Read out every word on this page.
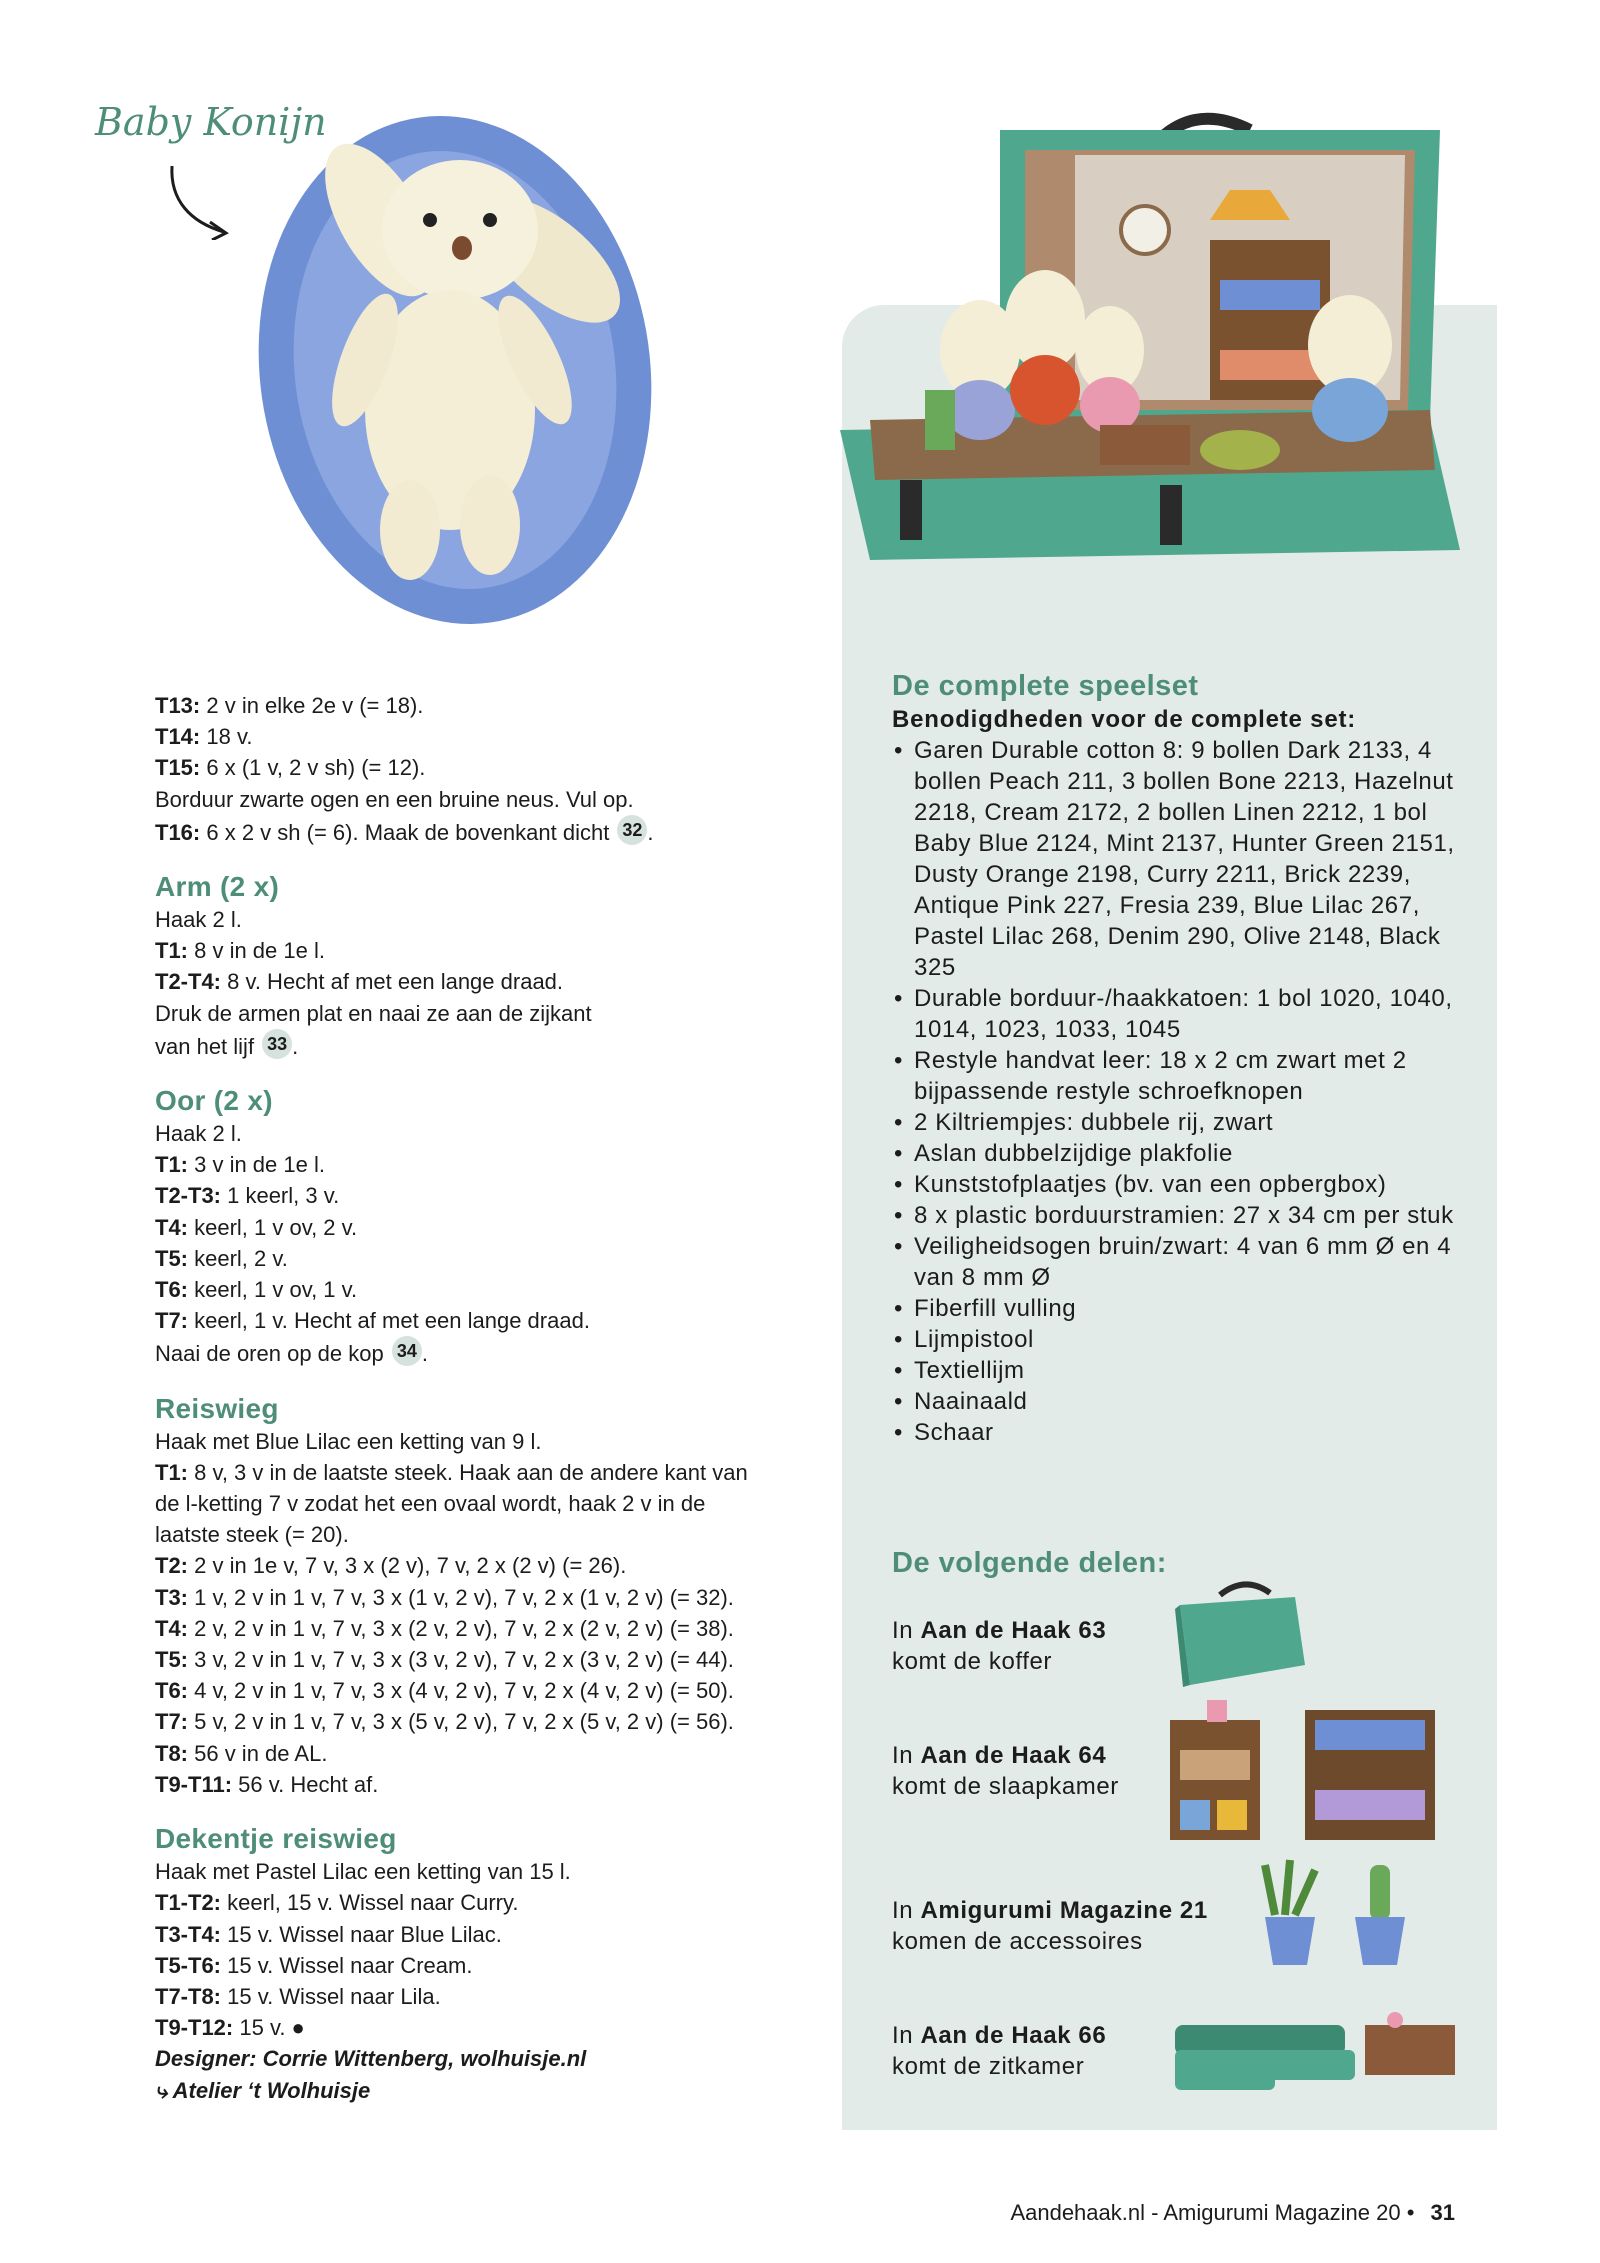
Baby Konijn

T13: 2 v in elke 2e v (= 18).

T14: 18 v.

T15: 6 x (1 v, 2 v sh) (= 12).

Borduur zwarte ogen en een bruine neus. Vul op.

T16: 6 x 2 v sh (= 6). Maak de bovenkant dicht 32 .

Arm (2 x)

Haak 2 l.

T1: 8 v in de 1e l.

T2-T4: 8 v. Hecht af met een lange draad.

Druk de armen plat en naai ze aan de zijkant

van het lijf 33 .

Oor (2 x)

Haak 2 l.

T1: 3 v in de 1e l.

T2-T3: 1 keerl, 3 v.

T4: keerl, 1 v ov, 2 v.

T5: keerl, 2 v.

T6: keerl, 1 v ov, 1 v.

T7: keerl, 1 v. Hecht af met een lange draad.

Naai de oren op de kop 34 .

Reiswieg

Haak met Blue Lilac een ketting van 9 l.

T1: 8 v, 3 v in de laatste steek. Haak aan de andere kant van

de l-ketting 7 v zodat het een ovaal wordt, haak 2 v in de

laatste steek (= 20).

T2: 2 v in 1e v, 7 v, 3 x (2 v), 7 v, 2 x (2 v) (= 26).

T3: 1 v, 2 v in 1 v, 7 v, 3 x (1 v, 2 v), 7 v, 2 x (1 v, 2 v) (= 32).

T4: 2 v, 2 v in 1 v, 7 v, 3 x (2 v, 2 v), 7 v, 2 x (2 v, 2 v) (= 38).

T5: 3 v, 2 v in 1 v, 7 v, 3 x (3 v, 2 v), 7 v, 2 x (3 v, 2 v) (= 44).

T6: 4 v, 2 v in 1 v, 7 v, 3 x (4 v, 2 v), 7 v, 2 x (4 v, 2 v) (= 50).

T7: 5 v, 2 v in 1 v, 7 v, 3 x (5 v, 2 v), 7 v, 2 x (5 v, 2 v) (= 56).

T8: 56 v in de AL.

T9-T11: 56 v. Hecht af.

Dekentje reiswieg

Haak met Pastel Lilac een ketting van 15 l.

T1-T2: keerl, 15 v. Wissel naar Curry.

T3-T4: 15 v. Wissel naar Blue Lilac.

T5-T6: 15 v. Wissel naar Cream.

T7-T8: 15 v. Wissel naar Lila.

T9-T12: 15 v. ●

Designer: Corrie Wittenberg, wolhuisje.nl

⤷ Atelier ‘t Wolhuisje

De complete speelset

Benodigdheden voor de complete set:

• Garen Durable cotton 8: 9 bollen Dark 2133, 4 bollen Peach 211, 3 bollen Bone 2213, Hazelnut 2218, Cream 2172, 2 bollen Linen 2212, 1 bol Baby Blue 2124, Mint 2137, Hunter Green 2151, Dusty Orange 2198, Curry 2211, Brick 2239, Antique Pink 227, Fresia 239, Blue Lilac 267, Pastel Lilac 268, Denim 290, Olive 2148, Black 325
• Durable borduur-/haakkatoen: 1 bol 1020, 1040, 1014, 1023, 1033, 1045
• Restyle handvat leer: 18 x 2 cm zwart met 2 bijpassende restyle schroefknopen
• 2 Kiltriempjes: dubbele rij, zwart
• Aslan dubbelzijdige plakfolie
• Kunststofplaatjes (bv. van een opbergbox)
• 8 x plastic borduurstramien: 27 x 34 cm per stuk
• Veiligheidsogen bruin/zwart: 4 van 6 mm Ø en 4 van 8 mm Ø
• Fiberfill vulling
• Lijmpistool
• Textiellijm
• Naainaald
• Schaar
De volgende delen:
In Aan de Haak 63
komt de koffer
In Aan de Haak 64
komt de slaapkamer
In Amigurumi Magazine 21
komen de accessoires
In Aan de Haak 66
komt de zitkamer
Aandehaak.nl - Amigurumi Magazine 20 • 31
